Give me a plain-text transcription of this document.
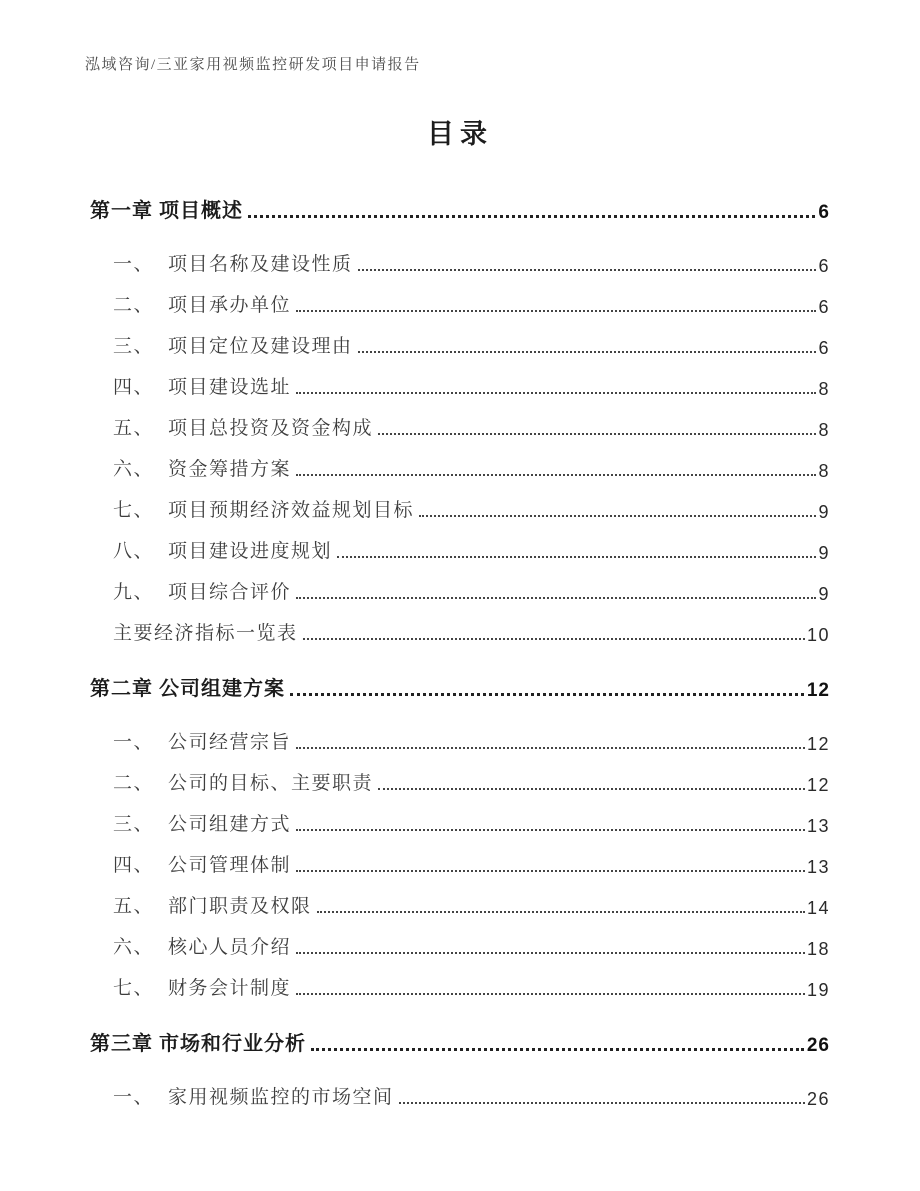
泓域咨询/三亚家用视频监控研发项目申请报告
目录
第一章 项目概述	6
一、 项目名称及建设性质	6
二、 项目承办单位	6
三、 项目定位及建设理由	6
四、 项目建设选址	8
五、 项目总投资及资金构成	8
六、 资金筹措方案	8
七、 项目预期经济效益规划目标	9
八、 项目建设进度规划	9
九、 项目综合评价	9
主要经济指标一览表	10
第二章 公司组建方案	12
一、 公司经营宗旨	12
二、 公司的目标、主要职责	12
三、 公司组建方式	13
四、 公司管理体制	13
五、 部门职责及权限	14
六、 核心人员介绍	18
七、 财务会计制度	19
第三章 市场和行业分析	26
一、 家用视频监控的市场空间	26
